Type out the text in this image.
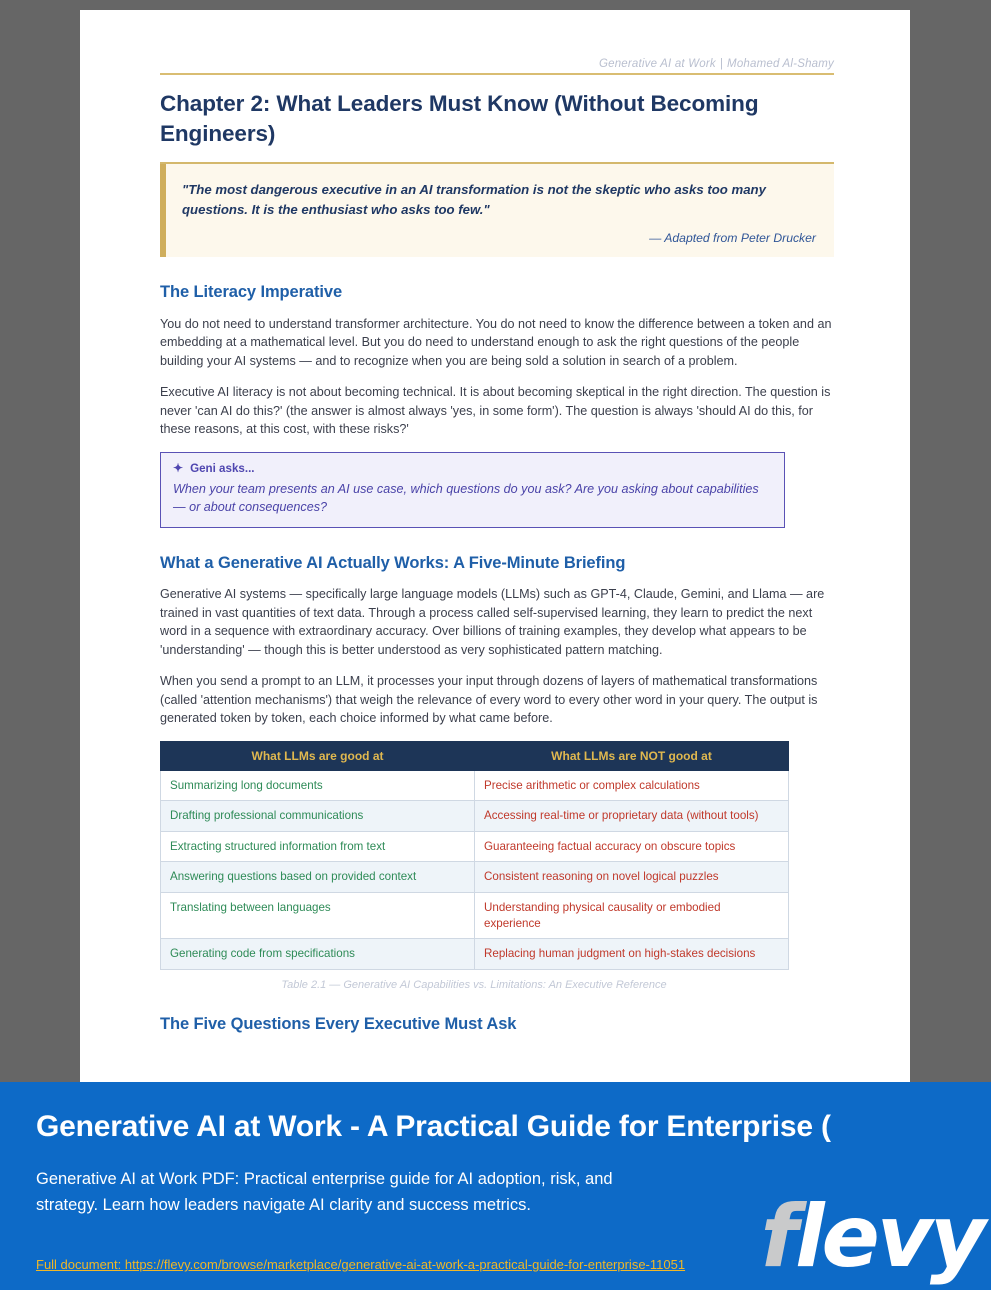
Generative AI at Work | Mohamed Al-Shamy
Chapter 2: What Leaders Must Know (Without Becoming Engineers)
"The most dangerous executive in an AI transformation is not the skeptic who asks too many questions. It is the enthusiast who asks too few."
— Adapted from Peter Drucker
The Literacy Imperative

You do not need to understand transformer architecture. You do not need to know the difference between a token and an embedding at a mathematical level. But you do need to understand enough to ask the right questions of the people building your AI systems — and to recognize when you are being sold a solution in search of a problem.

Executive AI literacy is not about becoming technical. It is about becoming skeptical in the right direction. The question is never 'can AI do this?' (the answer is almost always 'yes, in some form'). The question is always 'should AI do this, for these reasons, at this cost, with these risks?'

✦ Geni asks...
When your team presents an AI use case, which questions do you ask? Are you asking about capabilities — or about consequences?
What a Generative AI Actually Works: A Five-Minute Briefing

Generative AI systems — specifically large language models (LLMs) such as GPT-4, Claude, Gemini, and Llama — are trained in vast quantities of text data. Through a process called self-supervised learning, they learn to predict the next word in a sequence with extraordinary accuracy. Over billions of training examples, they develop what appears to be 'understanding' — though this is better understood as very sophisticated pattern matching.

When you send a prompt to an LLM, it processes your input through dozens of layers of mathematical transformations (called 'attention mechanisms') that weigh the relevance of every word to every other word in your query. The output is generated token by token, each choice informed by what came before.

What LLMs are good at	What LLMs are NOT good at
Summarizing long documents	Precise arithmetic or complex calculations
Drafting professional communications	Accessing real-time or proprietary data (without tools)
Extracting structured information from text	Guaranteeing factual accuracy on obscure topics
Answering questions based on provided context	Consistent reasoning on novel logical puzzles
Translating between languages	Understanding physical causality or embodied experience
Generating code from specifications	Replacing human judgment on high-stakes decisions
Table 2.1 — Generative AI Capabilities vs. Limitations: An Executive Reference
The Five Questions Every Executive Must Ask
Generative AI at Work - A Practical Guide for Enterprise (
Generative AI at Work PDF: Practical enterprise guide for AI adoption, risk, and strategy. Learn how leaders navigate AI clarity and success metrics.
Full document: https://flevy.com/browse/marketplace/generative-ai-at-work-a-practical-guide-for-enterprise-11051 flevy
